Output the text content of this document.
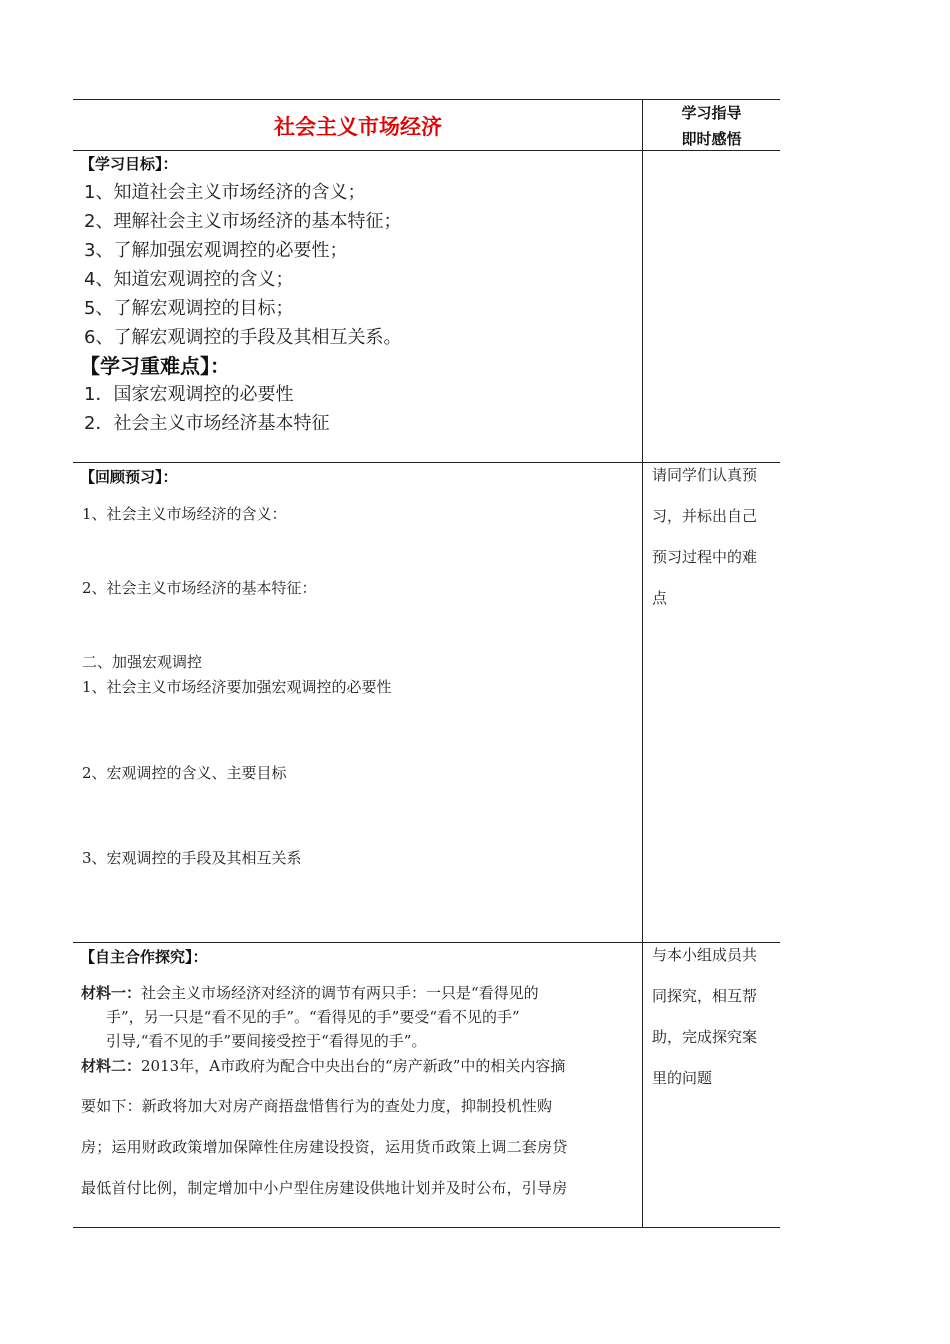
社会主义市场经济
学习指导
即时感悟
【学习目标】：
1、知道社会主义市场经济的含义；
2、理解社会主义市场经济的基本特征；
3、了解加强宏观调控的必要性；
4、知道宏观调控的含义；
5、了解宏观调控的目标；
6、了解宏观调控的手段及其相互关系。
【学习重难点】：
1．国家宏观调控的必要性
2．社会主义市场经济基本特征
【回顾预习】：
1、社会主义市场经济的含义：
2、社会主义市场经济的基本特征：
二、加强宏观调控
1、社会主义市场经济要加强宏观调控的必要性
2、宏观调控的含义、主要目标
3、宏观调控的手段及其相互关系
请同学们认真预
习，并标出自己
预习过程中的难
点
【自主合作探究】：
材料一：社会主义市场经济对经济的调节有两只手：一只是“看得见的
手”，另一只是“看不见的手”。“看得见的手”要受“看不见的手”
引导,“看不见的手”要间接受控于“看得见的手”。
材料二：2013年，A市政府为配合中央出台的“房产新政”中的相关内容摘
要如下：新政将加大对房产商捂盘惜售行为的查处力度，抑制投机性购
房；运用财政政策增加保障性住房建设投资，运用货币政策上调二套房贷
最低首付比例，制定增加中小户型住房建设供地计划并及时公布，引导房
与本小组成员共
同探究，相互帮
助，完成探究案
里的问题
